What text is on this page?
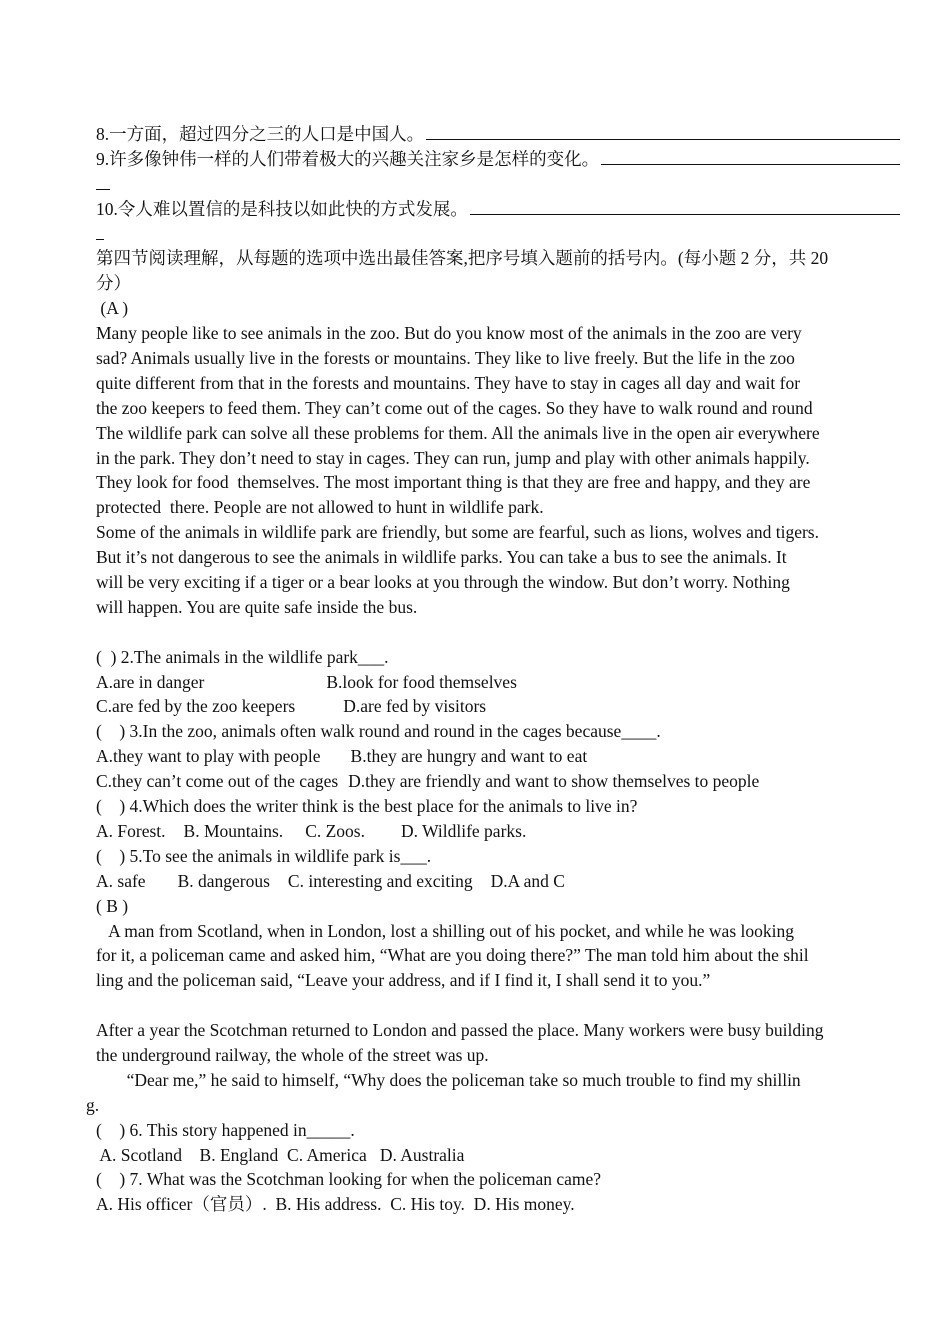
8.一方面，超过四分之三的人口是中国人。
9.许多像钟伟一样的人们带着极大的兴趣关注家乡是怎样的变化。
10.令人难以置信的是科技以如此快的方式发展。
第四节阅读理解，从每题的选项中选出最佳答案,把序号填入题前的括号内。(每小题 2 分，共 20
分）
(A )
Many people like to see animals in the zoo. But do you know most of the animals in the zoo are very
sad? Animals usually live in the forests or mountains. They like to live freely. But the life in the zoo
quite different from that in the forests and mountains. They have to stay in cages all day and wait for
the zoo keepers to feed them. They can’t come out of the cages. So they have to walk round and round
The wildlife park can solve all these problems for them. All the animals live in the open air everywhere
in the park. They don’t need to stay in cages. They can run, jump and play with other animals happily.
They look for food  themselves. The most important thing is that they are free and happy, and they are
protected  there. People are not allowed to hunt in wildlife park.
Some of the animals in wildlife park are friendly, but some are fearful, such as lions, wolves and tigers.
But it’s not dangerous to see the animals in wildlife parks. You can take a bus to see the animals. It
will be very exciting if a tiger or a bear looks at you through the window. But don’t worry. Nothing
will happen. You are quite safe inside the bus.

(  ) 2.The animals in the wildlife park___.
A.are in danger	B.look for food themselves
C.are fed by the zoo keepers	D.are fed by visitors
(    ) 3.In the zoo, animals often walk round and round in the cages because____.
A.they want to play with people B.they are hungry and want to eat
C.they can’t come out of the cages D.they are friendly and want to show themselves to people
(    ) 4.Which does the writer think is the best place for the animals to live in?
A. Forest. B. Mountains. C. Zoos. D. Wildlife parks.
(    ) 5.To see the animals in wildlife park is___.
A. safe B. dangerous C. interesting and exciting D.A and C
( B )
A man from Scotland, when in London, lost a shilling out of his pocket, and while he was looking
for it, a policeman came and asked him, “What are you doing there?” The man told him about the shil
ling and the policeman said, “Leave your address, and if I find it, I shall send it to you.”
After a year the Scotchman returned to London and passed the place. Many workers were busy building
the underground railway, the whole of the street was up.
“Dear me,” he said to himself, “Why does the policeman take so much trouble to find my shillin
g.
(    ) 6. This story happened in_____.
A. Scotland    B. England  C. America   D. Australia
(    ) 7. What was the Scotchman looking for when the policeman came?
A. His officer（官员）.  B. His address.  C. His toy.  D. His money.
